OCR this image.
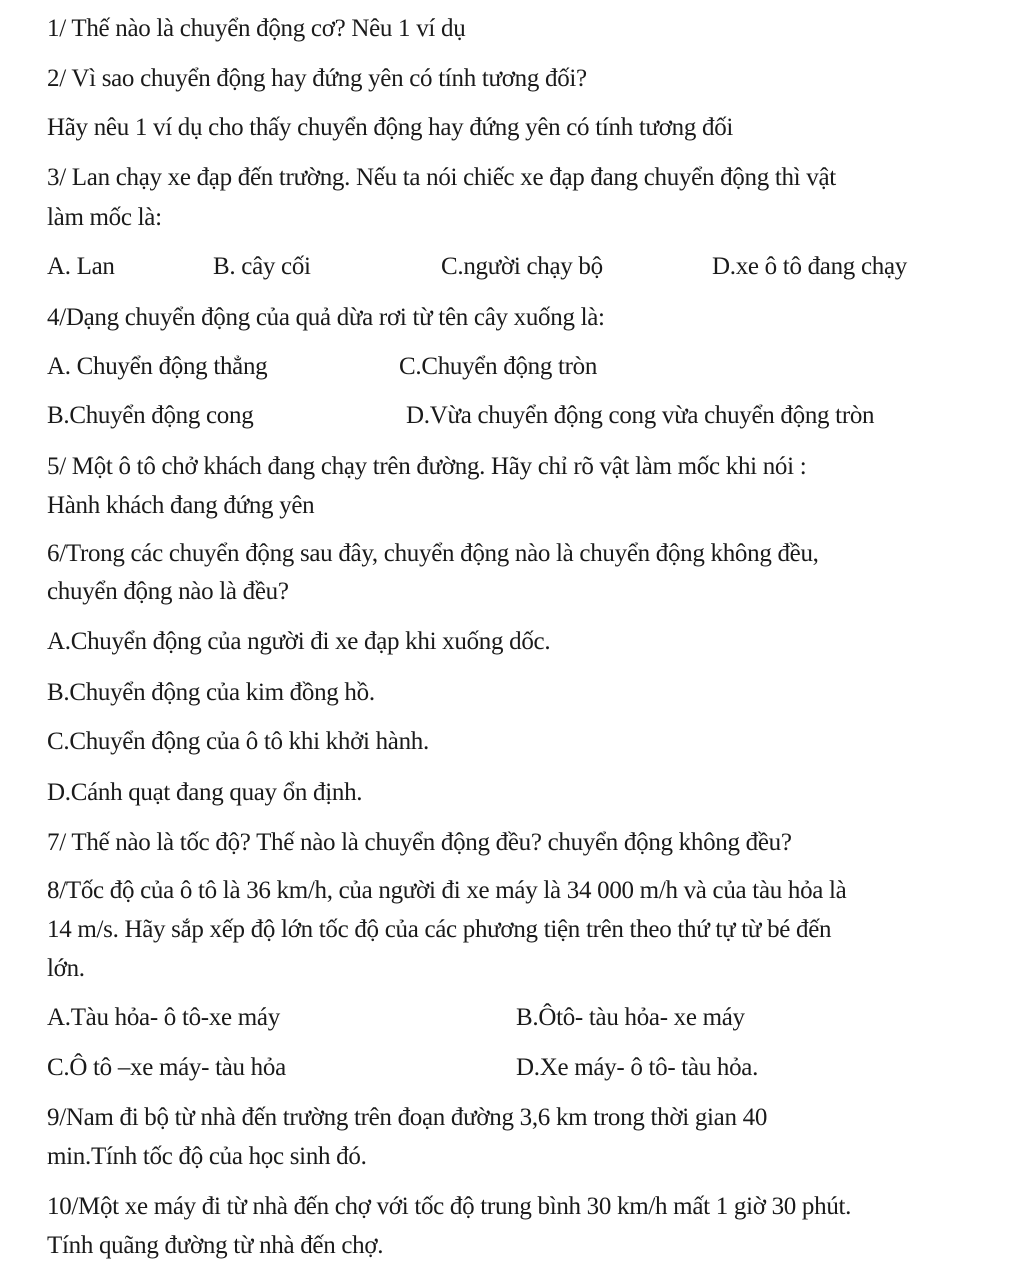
1/ Thế nào là chuyển động cơ? Nêu 1 ví dụ
2/ Vì sao chuyển động hay đứng yên có tính tương đối?
Hãy nêu 1 ví dụ cho thấy chuyển động hay đứng yên có tính tương đối
3/ Lan chạy xe đạp đến trường. Nếu ta nói chiếc xe đạp đang chuyển động thì vật
làm mốc là:
A. Lan	B. cây cối	C.người chạy bộ	D.xe ô tô đang chạy
4/Dạng chuyển động của quả dừa rơi từ tên cây xuống là:
A. Chuyển động thẳng	C.Chuyển động tròn
B.Chuyển động cong	D.Vừa chuyển động cong vừa chuyển động tròn
5/ Một ô tô chở khách đang chạy trên đường. Hãy chỉ rõ vật làm mốc khi nói :
Hành khách đang đứng yên
6/Trong các chuyển động sau đây, chuyển động nào là chuyển động không đều,
chuyển động nào là đều?
A.Chuyển động của người đi xe đạp khi xuống dốc.
B.Chuyển động của kim đồng hồ.
C.Chuyển động của ô tô khi khởi hành.
D.Cánh quạt đang quay ổn định.
7/ Thế nào là tốc độ? Thế nào là chuyển động đều? chuyển động không đều?
8/Tốc độ của ô tô là 36 km/h, của người đi xe máy là 34 000 m/h và của tàu hỏa là
14 m/s. Hãy sắp xếp độ lớn tốc độ của các phương tiện trên theo thứ tự từ bé đến
lớn.
A.Tàu hỏa- ô tô-xe máy	B.Ôtô- tàu hỏa- xe máy
C.Ô tô –xe máy- tàu hỏa	D.Xe máy- ô tô- tàu hỏa.
9/Nam đi bộ từ nhà đến trường trên đoạn đường 3,6 km trong thời gian 40
min.Tính tốc độ của học sinh đó.
10/Một xe máy đi từ nhà đến chợ với tốc độ trung bình 30 km/h mất 1 giờ 30 phút.
Tính quãng đường từ nhà đến chợ.
